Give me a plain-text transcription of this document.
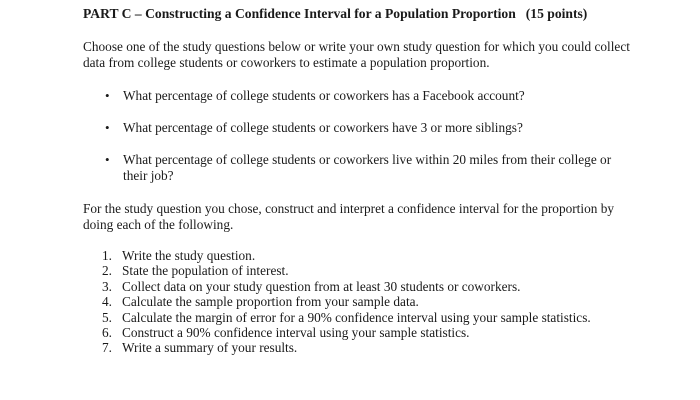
PART C – Constructing a Confidence Interval for a Population Proportion (15 points)
Choose one of the study questions below or write your own study question for which you could collect data from college students or coworkers to estimate a population proportion.
• What percentage of college students or coworkers has a Facebook account?
• What percentage of college students or coworkers have 3 or more siblings?
• What percentage of college students or coworkers live within 20 miles from their college or their job?
For the study question you chose, construct and interpret a confidence interval for the proportion by doing each of the following.
1. Write the study question.
2. State the population of interest.
3. Collect data on your study question from at least 30 students or coworkers.
4. Calculate the sample proportion from your sample data.
5. Calculate the margin of error for a 90% confidence interval using your sample statistics.
6. Construct a 90% confidence interval using your sample statistics.
7. Write a summary of your results.
